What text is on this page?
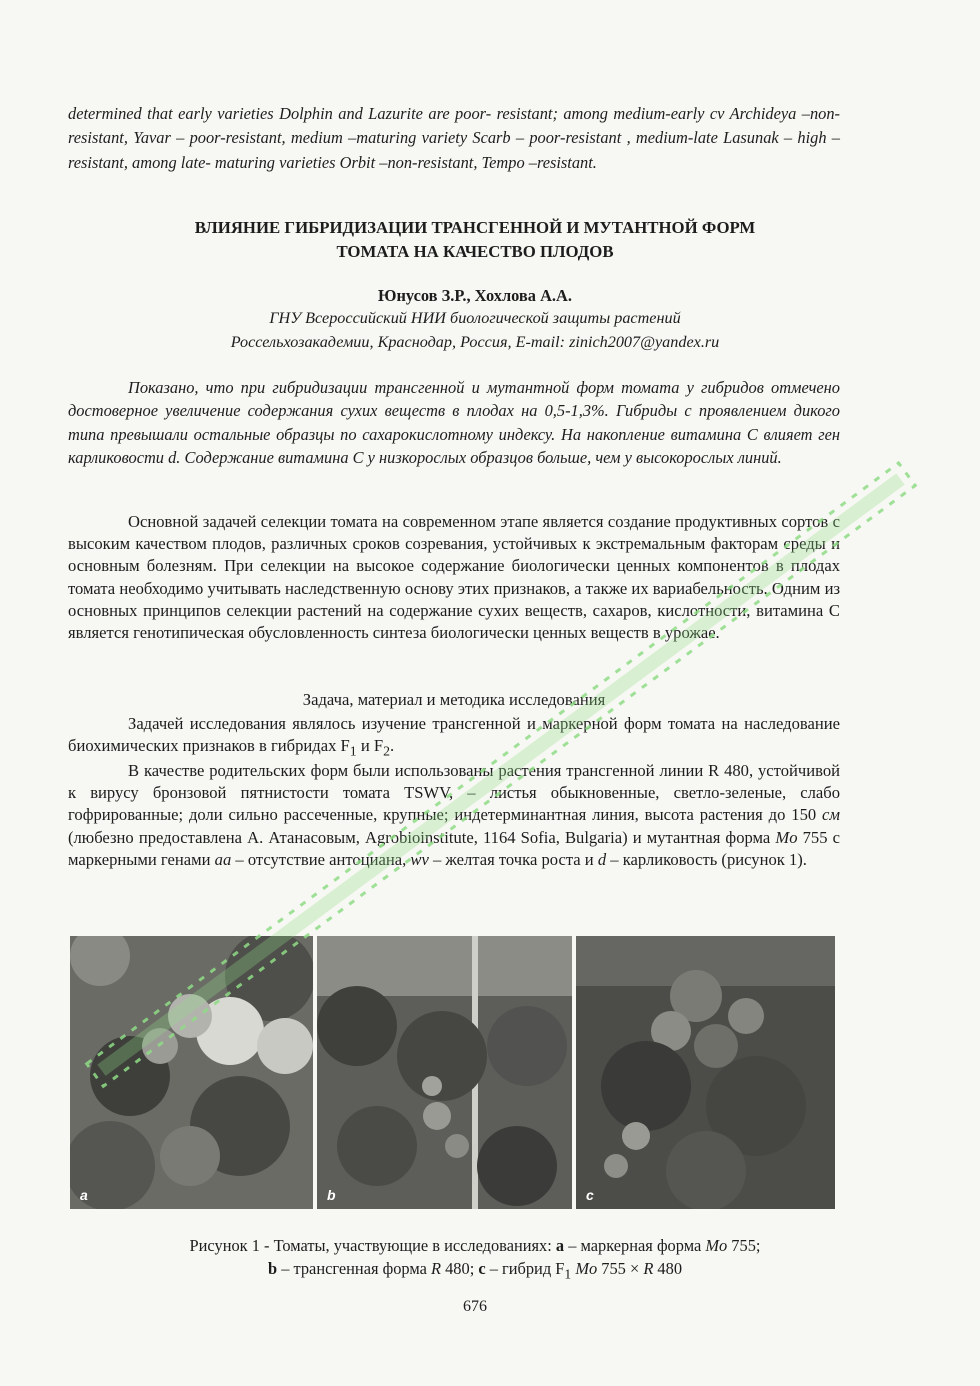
determined that early varieties Dolphin and Lazurite are poor- resistant; among medium-early cv Archideya –non-resistant, Yavar – poor-resistant, medium –maturing variety Scarb – poor-resistant , medium-late Lasunak – high –resistant, among late- maturing varieties Orbit –non-resistant, Tempo –resistant.

ВЛИЯНИЕ ГИБРИДИЗАЦИИ ТРАНСГЕННОЙ И МУТАНТНОЙ ФОРМ
ТОМАТА НА КАЧЕСТВО ПЛОДОВ

Юнусов З.Р., Хохлова А.А.

ГНУ Всероссийский НИИ биологической защиты растений
Россельхозакадемии, Краснодар, Россия, E-mail: zinich2007@yandex.ru

Показано, что при гибридизации трансгенной и мутантной форм томата у гибридов отмечено достоверное увеличение содержания сухих веществ в плодах на 0,5-1,3%. Гибриды с проявлением дикого типа превышали остальные образцы по сахарокислотному индексу. На накопление витамина С влияет ген карликовости d. Содержание витамина С у низкорослых образцов больше, чем у высокорослых линий.

Основной задачей селекции томата на современном этапе является создание продуктивных сортов с высоким качеством плодов, различных сроков созревания, устойчивых к экстремальным факторам среды и основным болезням. При селекции на высокое содержание биологически ценных компонентов в плодах томата необходимо учитывать наследственную основу этих признаков, а также их вариабельность. Одним из основных принципов селекции растений на содержание сухих веществ, сахаров, кислотности, витамина С является генотипическая обусловленность синтеза биологически ценных веществ в урожае.

Задача, материал и методика исследования

Задачей исследования являлось изучение трансгенной и маркерной форм томата на наследование биохимических признаков в гибридах $F_1$ и $F_2$.

В качестве родительских форм были использованы растения трансгенной линии R 480, устойчивой к вирусу бронзовой пятнистости томата TSWV, – листья обыкновенные, светло-зеленые, слабо гофрированные; доли сильно рассеченные, крупные; индетерминантная линия, высота растения до 150 см (любезно предоставлена А. Атанасовым, Agrobioinstitute, 1164 Sofia, Bulgaria) и мутантная форма Mo 755 с маркерными генами aa – отсутствие антоциана, wv – желтая точка роста и d – карликовость (рисунок 1).

a	b	c

Рисунок 1 - Томаты, участвующие в исследованиях: а – маркерная форма Mo 755;
b – трансгенная форма R 480; c – гибрид $F_1$ Mo 755 × R 480

676
